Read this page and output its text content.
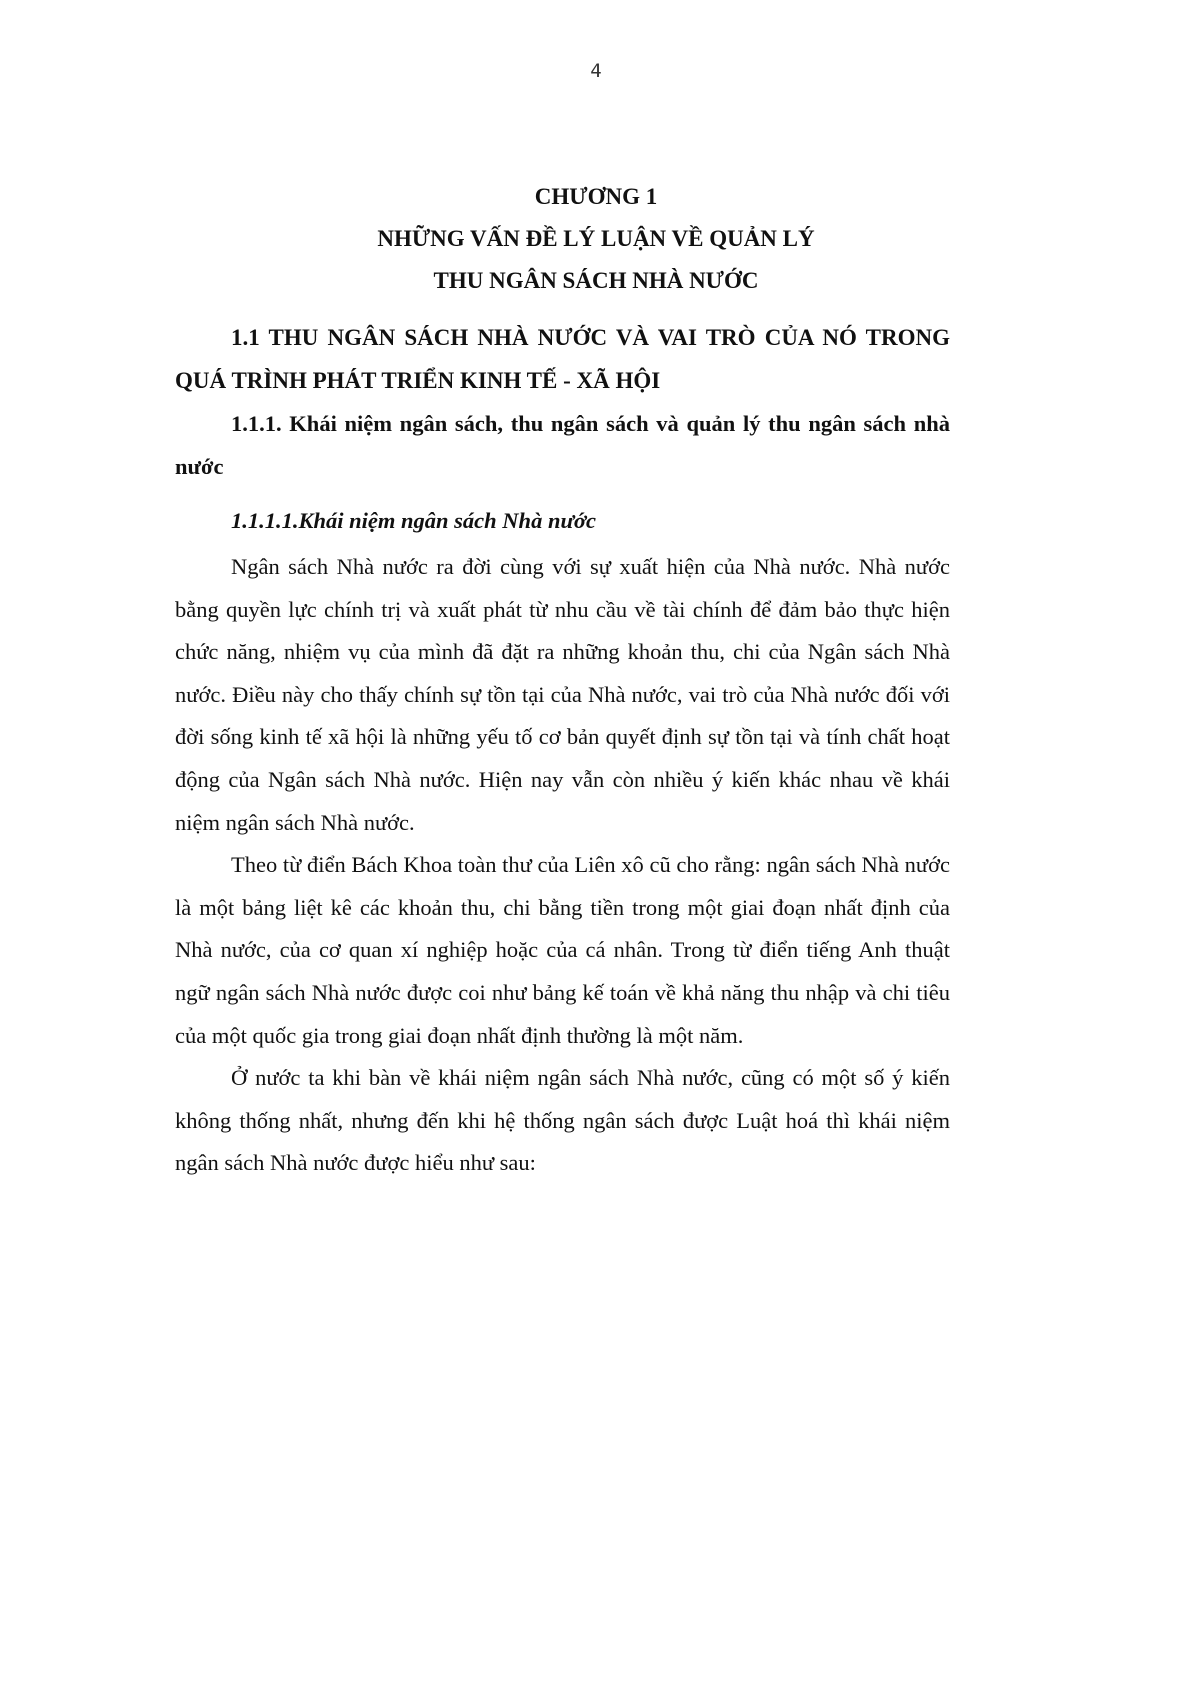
4
CHƯƠNG 1
NHỮNG VẤN ĐỀ LÝ LUẬN VỀ QUẢN LÝ
THU NGÂN SÁCH NHÀ NƯỚC

1.1 THU NGÂN SÁCH NHÀ NƯỚC VÀ VAI TRÒ CỦA NÓ TRONG QUÁ TRÌNH PHÁT TRIỂN KINH TẾ - XÃ HỘI

1.1.1. Khái niệm ngân sách, thu ngân sách và quản lý thu ngân sách nhà nước

1.1.1.1.Khái niệm ngân sách Nhà nước

Ngân sách Nhà nước ra đời cùng với sự xuất hiện của Nhà nước. Nhà nước bằng quyền lực chính trị và xuất phát từ nhu cầu về tài chính để đảm bảo thực hiện chức năng, nhiệm vụ của mình đã đặt ra những khoản thu, chi của Ngân sách Nhà nước. Điều này cho thấy chính sự tồn tại của Nhà nước, vai trò của Nhà nước đối với đời sống kinh tế xã hội là những yếu tố cơ bản quyết định sự tồn tại và tính chất hoạt động của Ngân sách Nhà nước. Hiện nay vẫn còn nhiều ý kiến khác nhau về khái niệm ngân sách Nhà nước.

Theo từ điển Bách Khoa toàn thư của Liên xô cũ cho rằng: ngân sách Nhà nước là một bảng liệt kê các khoản thu, chi bằng tiền trong một giai đoạn nhất định của Nhà nước, của cơ quan xí nghiệp hoặc của cá nhân. Trong từ điển tiếng Anh thuật ngữ ngân sách Nhà nước được coi như bảng kế toán về khả năng thu nhập và chi tiêu của một quốc gia trong giai đoạn nhất định thường là một năm.

Ở nước ta khi bàn về khái niệm ngân sách Nhà nước, cũng có một số ý kiến không thống nhất, nhưng đến khi hệ thống ngân sách được Luật hoá thì khái niệm ngân sách Nhà nước được hiểu như sau:
